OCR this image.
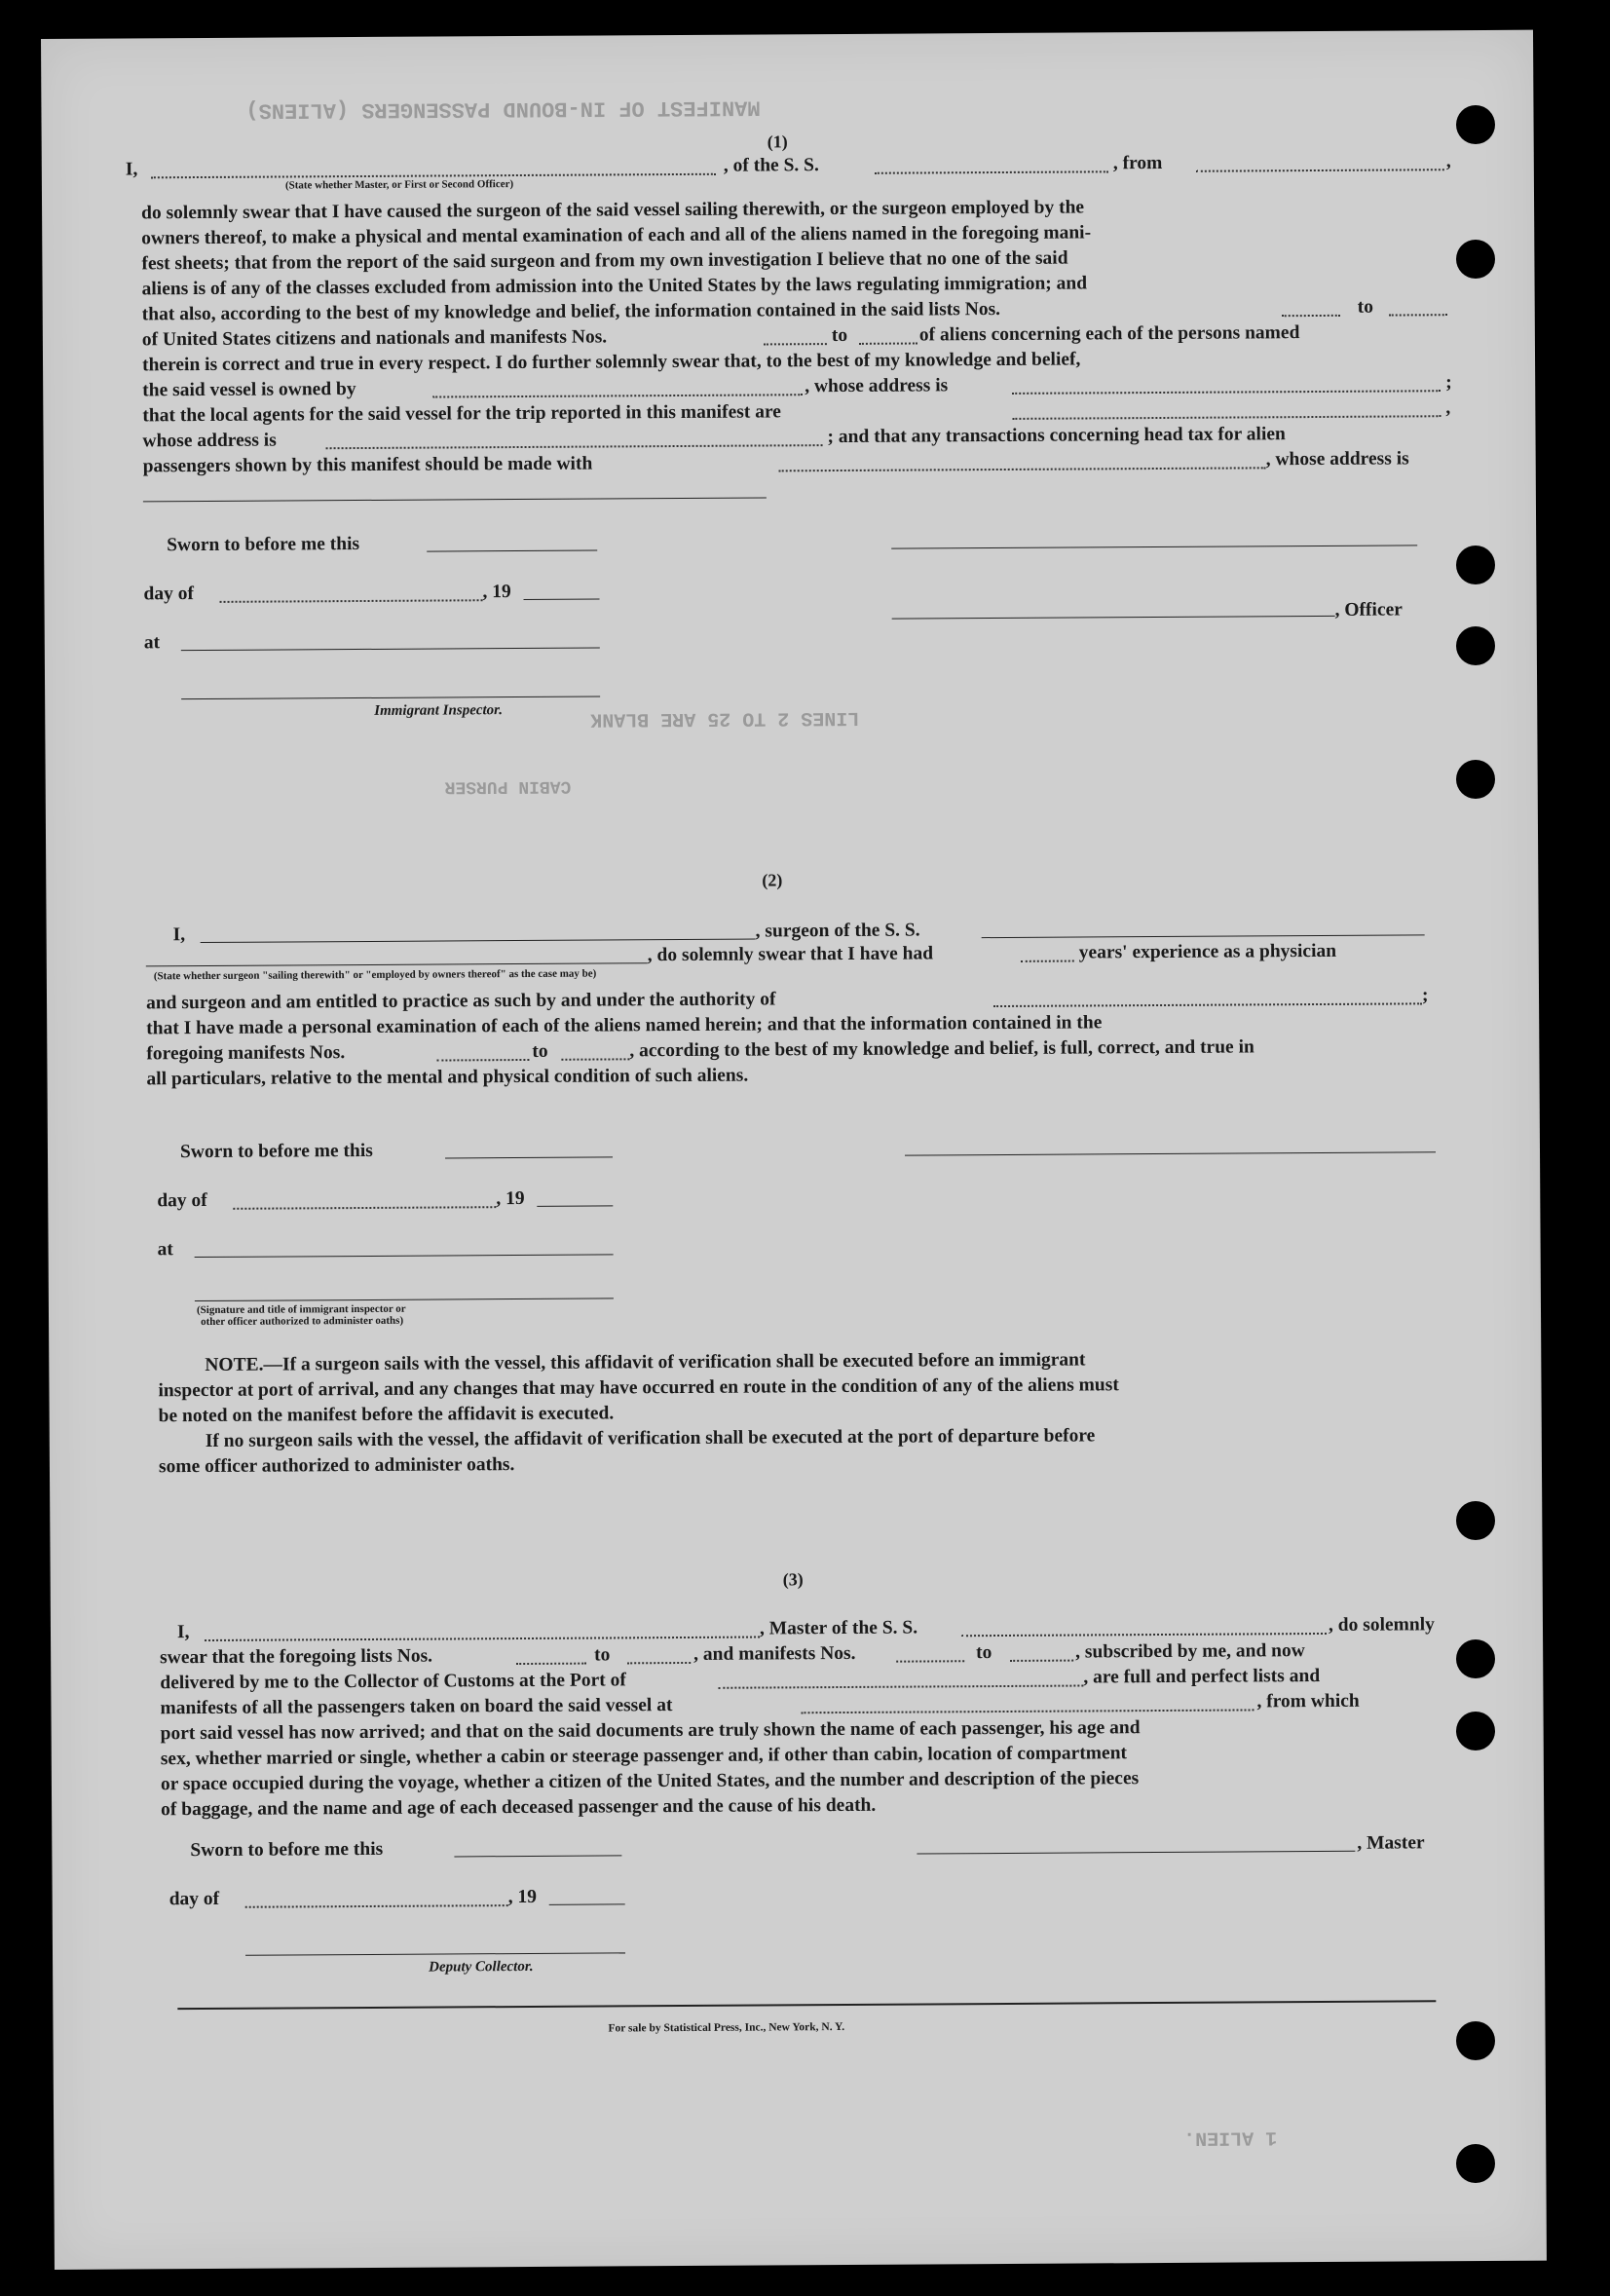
MANIFEST OF IN-BOUND PASSENGERS (ALIENS)
LINES 2 TO 25 ARE BLANK
CABIN PURSER
1 ALIEN.
(1)
I,	, of the S. S.	, from	,
(State whether Master, or First or Second Officer)
do solemnly swear that I have caused the surgeon of the said vessel sailing therewith, or the surgeon employed by the
owners thereof, to make a physical and mental examination of each and all of the aliens named in the foregoing mani-
fest sheets; that from the report of the said surgeon and from my own investigation I believe that no one of the said
aliens is of any of the classes excluded from admission into the United States by the laws regulating immigration; and
that also, according to the best of my knowledge and belief, the information contained in the said lists Nos.	to
of United States citizens and nationals and manifests Nos.	to	of aliens concerning each of the persons named
therein is correct and true in every respect. I do further solemnly swear that, to the best of my knowledge and belief,
the said vessel is owned by	, whose address is	;
that the local agents for the said vessel for the trip reported in this manifest are	,
whose address is	; and that any transactions concerning head tax for alien
passengers shown by this manifest should be made with	, whose address is
Sworn to before me this
day of	, 19
, Officer
at
Immigrant Inspector.
(2)
I,	, surgeon of the S. S.
, do solemnly swear that I have had	years' experience as a physician
(State whether surgeon "sailing therewith" or "employed by owners thereof" as the case may be)
and surgeon and am entitled to practice as such by and under the authority of	;
that I have made a personal examination of each of the aliens named herein; and that the information contained in the
foregoing manifests Nos.	to	, according to the best of my knowledge and belief, is full, correct, and true in
all particulars, relative to the mental and physical condition of such aliens.
Sworn to before me this
day of	, 19
at
(Signature and title of immigrant inspector or
other officer authorized to administer oaths)
NOTE.—If a surgeon sails with the vessel, this affidavit of verification shall be executed before an immigrant
inspector at port of arrival, and any changes that may have occurred en route in the condition of any of the aliens must
be noted on the manifest before the affidavit is executed.
If no surgeon sails with the vessel, the affidavit of verification shall be executed at the port of departure before
some officer authorized to administer oaths.
(3)
I,	, Master of the S. S.	, do solemnly
swear that the foregoing lists Nos.	to	, and manifests Nos.	to	, subscribed by me, and now
delivered by me to the Collector of Customs at the Port of	, are full and perfect lists and
manifests of all the passengers taken on board the said vessel at	, from which
port said vessel has now arrived; and that on the said documents are truly shown the name of each passenger, his age and
sex, whether married or single, whether a cabin or steerage passenger and, if other than cabin, location of compartment
or space occupied during the voyage, whether a citizen of the United States, and the number and description of the pieces
of baggage, and the name and age of each deceased passenger and the cause of his death.
Sworn to before me this	, Master
day of	, 19
Deputy Collector.
For sale by Statistical Press, Inc., New York, N. Y.
